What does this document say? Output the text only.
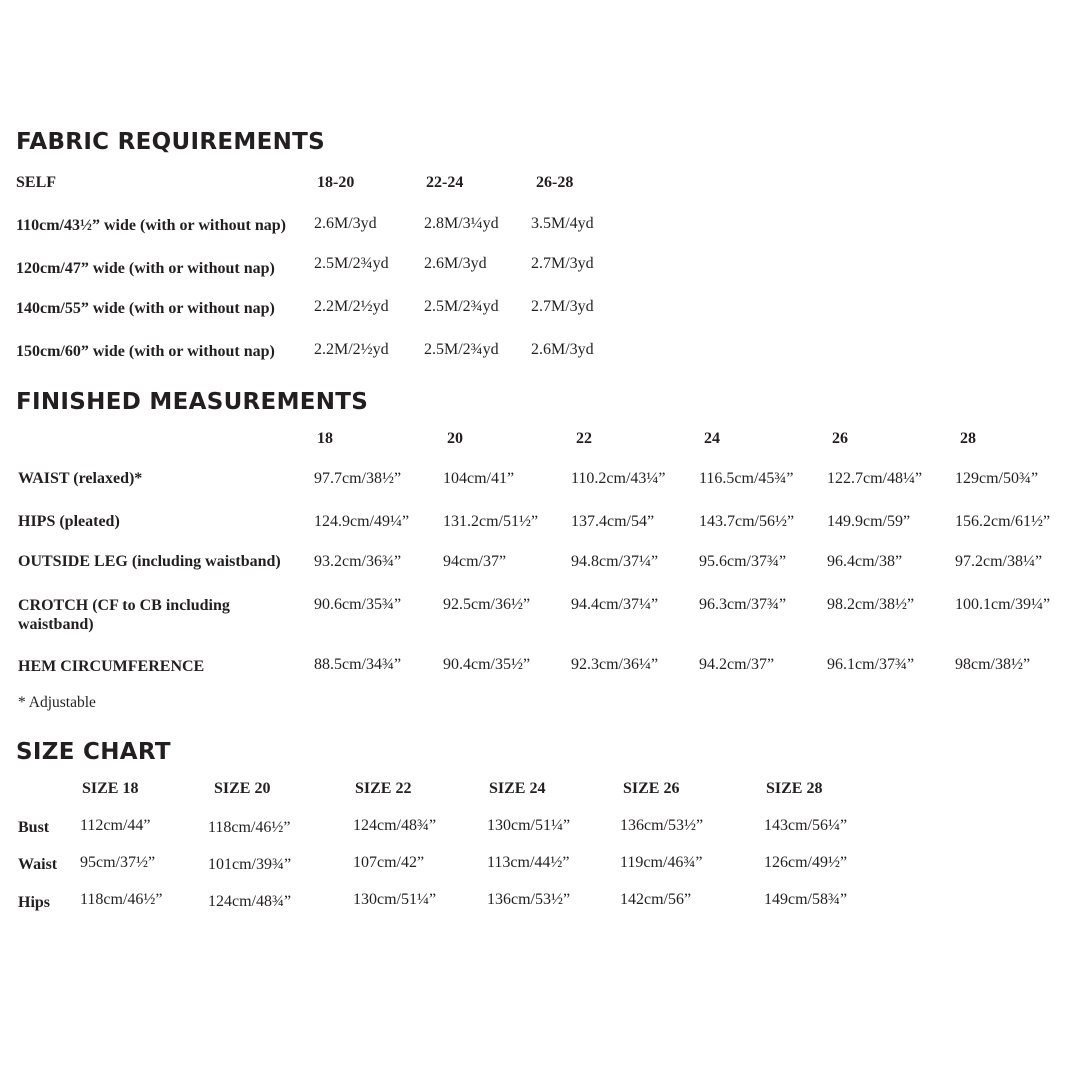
FABRIC REQUIREMENTS
SELF	18-20	22-24	26-28
110cm/43½” wide (with or without nap) 2.6M/3yd	2.8M/3¼yd 3.5M/4yd
120cm/47” wide (with or without nap) 2.5M/2¾yd 2.6M/3yd	2.7M/3yd
140cm/55” wide (with or without nap) 2.2M/2½yd 2.5M/2¾yd 2.7M/3yd
150cm/60” wide (with or without nap) 2.2M/2½yd 2.5M/2¾yd 2.6M/3yd
FINISHED MEASUREMENTS
18	20	22	24	26	28
WAIST (relaxed)*	97.7cm/38½”	104cm/41”	110.2cm/43¼” 116.5cm/45¾” 122.7cm/48¼” 129cm/50¾”
HIPS (pleated)	124.9cm/49¼” 131.2cm/51½” 137.4cm/54”	143.7cm/56½” 149.9cm/59”	156.2cm/61½”
OUTSIDE LEG (including waistband) 93.2cm/36¾”	94cm/37”	94.8cm/37¼”	95.6cm/37¾”	96.4cm/38”	97.2cm/38¼”
CROTCH (CF to CB including waistband)
90.6cm/35¾”	92.5cm/36½”	94.4cm/37¼”	96.3cm/37¾”	98.2cm/38½”	100.1cm/39¼”
HEM CIRCUMFERENCE	88.5cm/34¾”	90.4cm/35½”	92.3cm/36¼”	94.2cm/37”	96.1cm/37¾”	98cm/38½”
* Adjustable
SIZE CHART
SIZE 18	SIZE 20	SIZE 22	SIZE 24	SIZE 26	SIZE 28
Bust 112cm/44”	118cm/46½”	124cm/48¾”	130cm/51¼”	136cm/53½”	143cm/56¼”
Waist 95cm/37½”	101cm/39¾”	107cm/42”	113cm/44½”	119cm/46¾”	126cm/49½”
Hips 118cm/46½”	124cm/48¾”	130cm/51¼”	136cm/53½”	142cm/56”	149cm/58¾”
